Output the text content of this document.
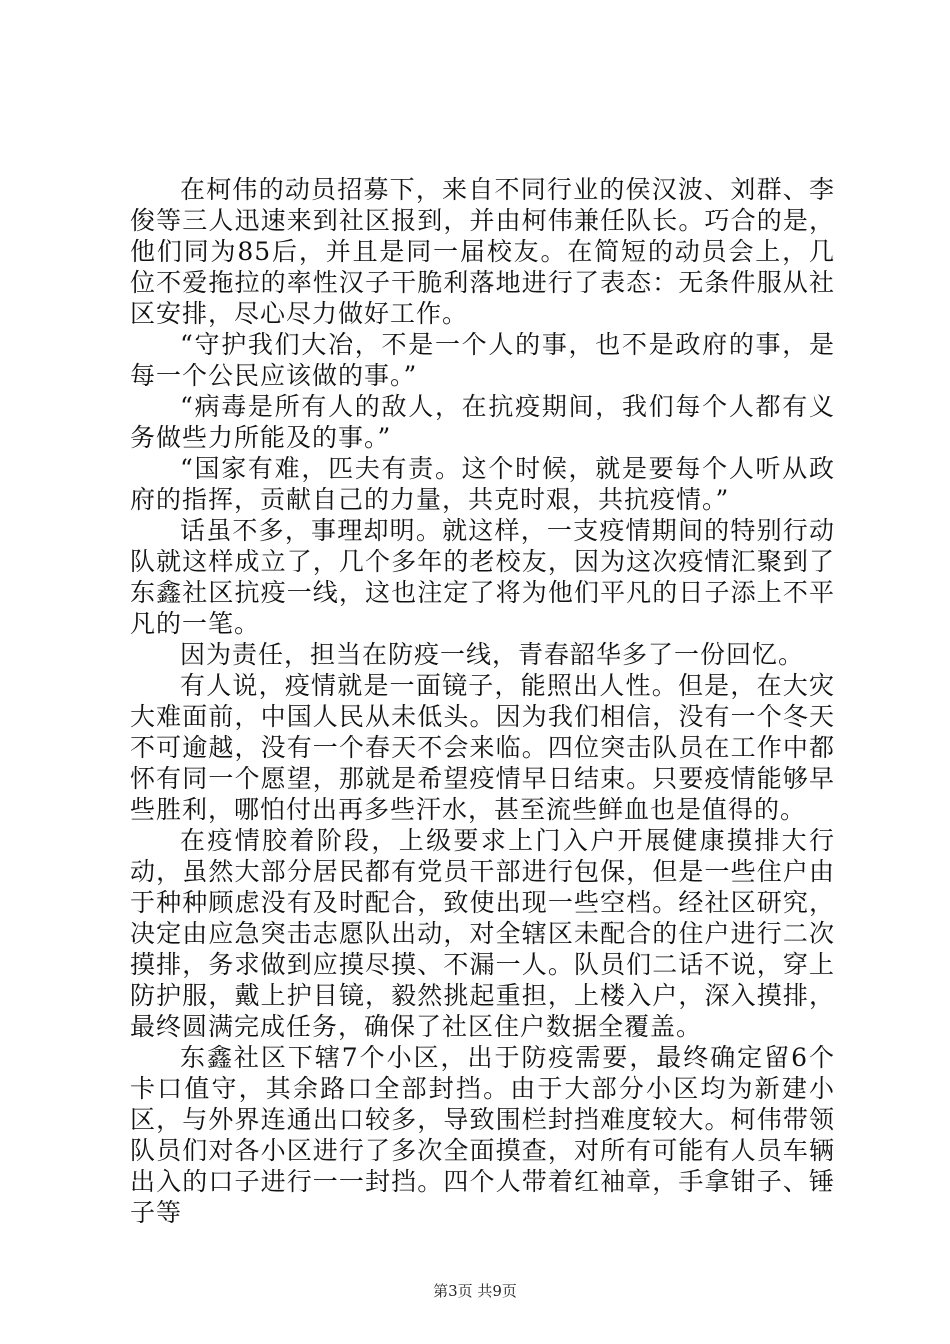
在柯伟的动员招募下，来自不同行业的侯汉波、刘群、李俊等三人迅速来到社区报到，并由柯伟兼任队长。巧合的是，他们同为85后，并且是同一届校友。在简短的动员会上，几位不爱拖拉的率性汉子干脆利落地进行了表态：无条件服从社区安排，尽心尽力做好工作。

“守护我们大冶，不是一个人的事，也不是政府的事，是每一个公民应该做的事。”

“病毒是所有人的敌人，在抗疫期间，我们每个人都有义务做些力所能及的事。”

“国家有难，匹夫有责。这个时候，就是要每个人听从政府的指挥，贡献自己的力量，共克时艰，共抗疫情。”

话虽不多，事理却明。就这样，一支疫情期间的特别行动队就这样成立了，几个多年的老校友，因为这次疫情汇聚到了东鑫社区抗疫一线，这也注定了将为他们平凡的日子添上不平凡的一笔。

因为责任，担当在防疫一线，青春韶华多了一份回忆。

有人说，疫情就是一面镜子，能照出人性。但是，在大灾大难面前，中国人民从未低头。因为我们相信，没有一个冬天不可逾越，没有一个春天不会来临。四位突击队员在工作中都怀有同一个愿望，那就是希望疫情早日结束。只要疫情能够早些胜利，哪怕付出再多些汗水，甚至流些鲜血也是值得的。

在疫情胶着阶段，上级要求上门入户开展健康摸排大行动，虽然大部分居民都有党员干部进行包保，但是一些住户由于种种顾虑没有及时配合，致使出现一些空档。经社区研究，决定由应急突击志愿队出动，对全辖区未配合的住户进行二次摸排，务求做到应摸尽摸、不漏一人。队员们二话不说，穿上防护服，戴上护目镜，毅然挑起重担，上楼入户，深入摸排，最终圆满完成任务，确保了社区住户数据全覆盖。

东鑫社区下辖7个小区，出于防疫需要，最终确定留6个卡口值守，其余路口全部封挡。由于大部分小区均为新建小区，与外界连通出口较多，导致围栏封挡难度较大。柯伟带领队员们对各小区进行了多次全面摸查，对所有可能有人员车辆出入的口子进行一一封挡。四个人带着红袖章，手拿钳子、锤子等

第3页 共9页
